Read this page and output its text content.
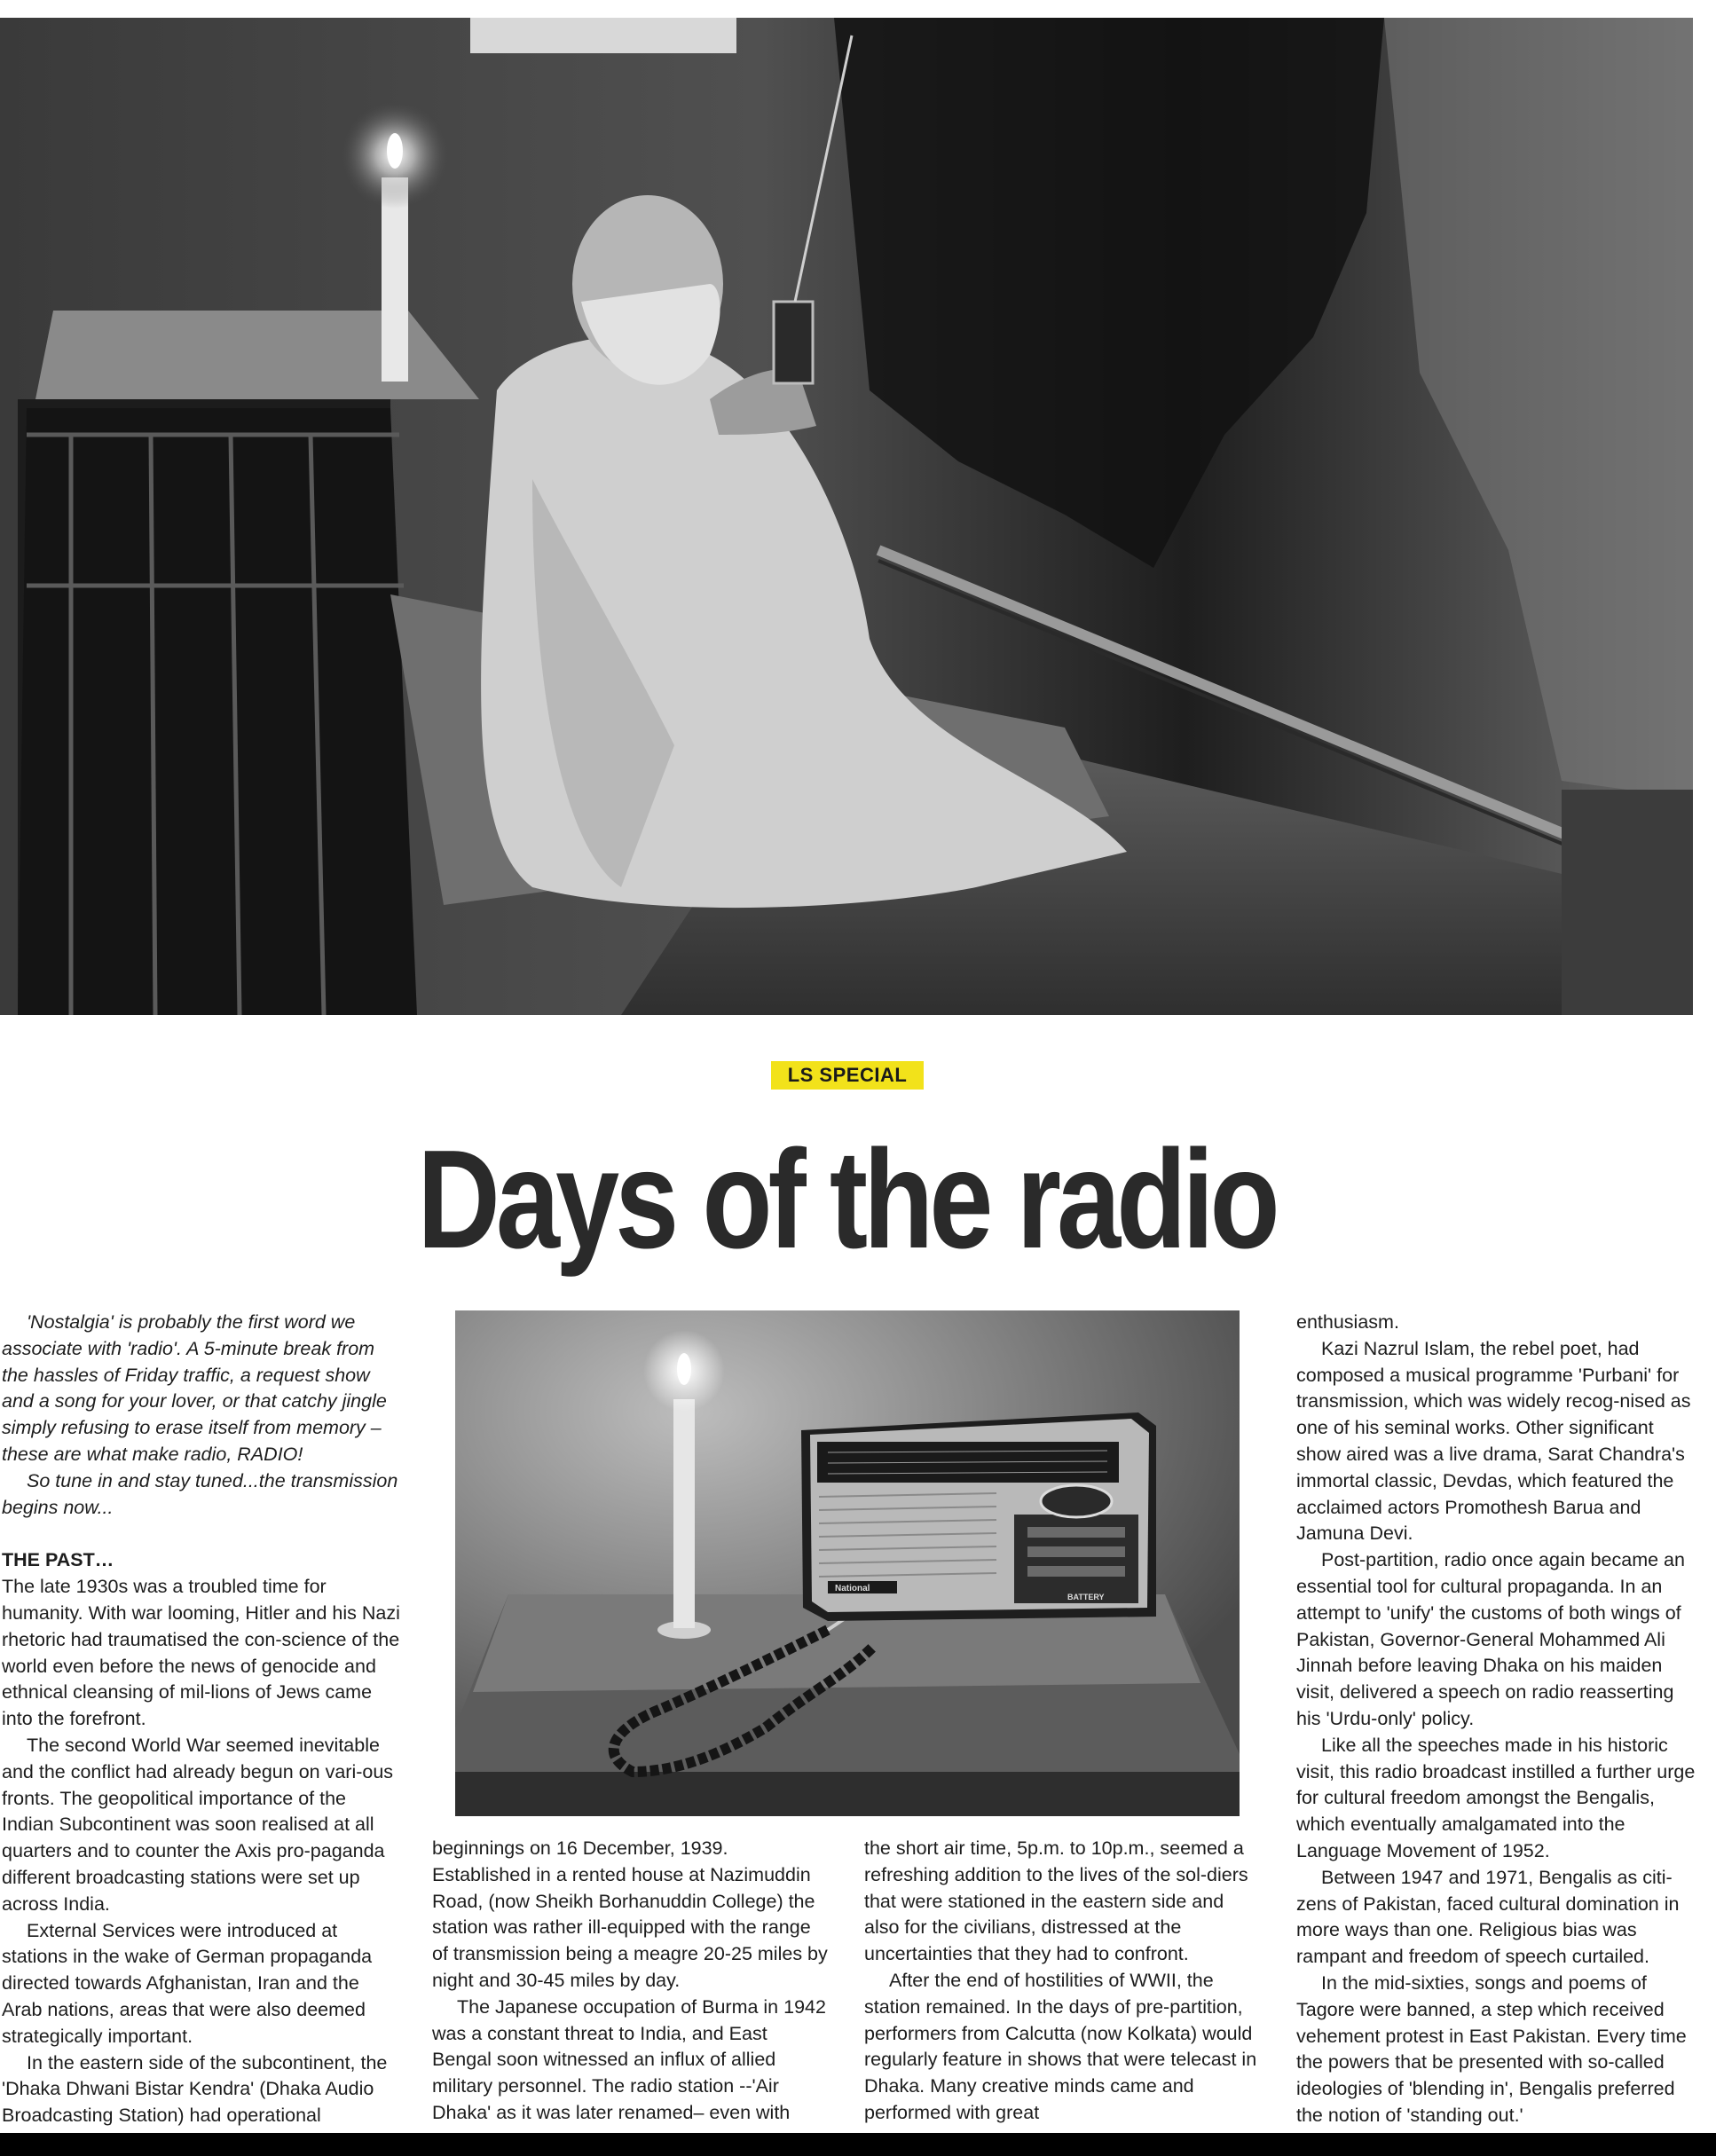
LS SPECIAL
Days of the radio

'Nostalgia' is probably the first word we associate with 'radio'. A 5-minute break from the hassles of Friday traffic, a request show and a song for your lover, or that catchy jingle simply refusing to erase itself from memory – these are what make radio, RADIO!

So tune in and stay tuned...the transmission begins now...

THE PAST…

The late 1930s was a troubled time for humanity. With war looming, Hitler and his Nazi rhetoric had traumatised the con-science of the world even before the news of genocide and ethnical cleansing of mil-lions of Jews came into the forefront.

The second World War seemed inevitable and the conflict had already begun on vari-ous fronts. The geopolitical importance of the Indian Subcontinent was soon realised at all quarters and to counter the Axis pro-paganda different broadcasting stations were set up across India.

External Services were introduced at stations in the wake of German propaganda directed towards Afghanistan, Iran and the Arab nations, areas that were also deemed strategically important.

In the eastern side of the subcontinent, the 'Dhaka Dhwani Bistar Kendra' (Dhaka Audio Broadcasting Station) had operational

National
BATTERY

beginnings on 16 December, 1939. Established in a rented house at Nazimuddin Road, (now Sheikh Borhanuddin College) the station was rather ill-equipped with the range of transmission being a meagre 20-25 miles by night and 30-45 miles by day.

The Japanese occupation of Burma in 1942 was a constant threat to India, and East Bengal soon witnessed an influx of allied military personnel. The radio station --'Air Dhaka' as it was later renamed– even with

the short air time, 5p.m. to 10p.m., seemed a refreshing addition to the lives of the sol-diers that were stationed in the eastern side and also for the civilians, distressed at the uncertainties that they had to confront.

After the end of hostilities of WWII, the station remained. In the days of pre-partition, performers from Calcutta (now Kolkata) would regularly feature in shows that were telecast in Dhaka. Many creative minds came and performed with great

enthusiasm.

Kazi Nazrul Islam, the rebel poet, had composed a musical programme 'Purbani' for transmission, which was widely recog-nised as one of his seminal works. Other significant show aired was a live drama, Sarat Chandra's immortal classic, Devdas, which featured the acclaimed actors Promothesh Barua and Jamuna Devi.

Post-partition, radio once again became an essential tool for cultural propaganda. In an attempt to 'unify' the customs of both wings of Pakistan, Governor-General Mohammed Ali Jinnah before leaving Dhaka on his maiden visit, delivered a speech on radio reasserting his 'Urdu-only' policy.

Like all the speeches made in his historic visit, this radio broadcast instilled a further urge for cultural freedom amongst the Bengalis, which eventually amalgamated into the Language Movement of 1952.

Between 1947 and 1971, Bengalis as citi-zens of Pakistan, faced cultural domination in more ways than one. Religious bias was rampant and freedom of speech curtailed.

In the mid-sixties, songs and poems of Tagore were banned, a step which received vehement protest in East Pakistan. Every time the powers that be presented with so-called ideologies of 'blending in', Bengalis preferred the notion of 'standing out.'
